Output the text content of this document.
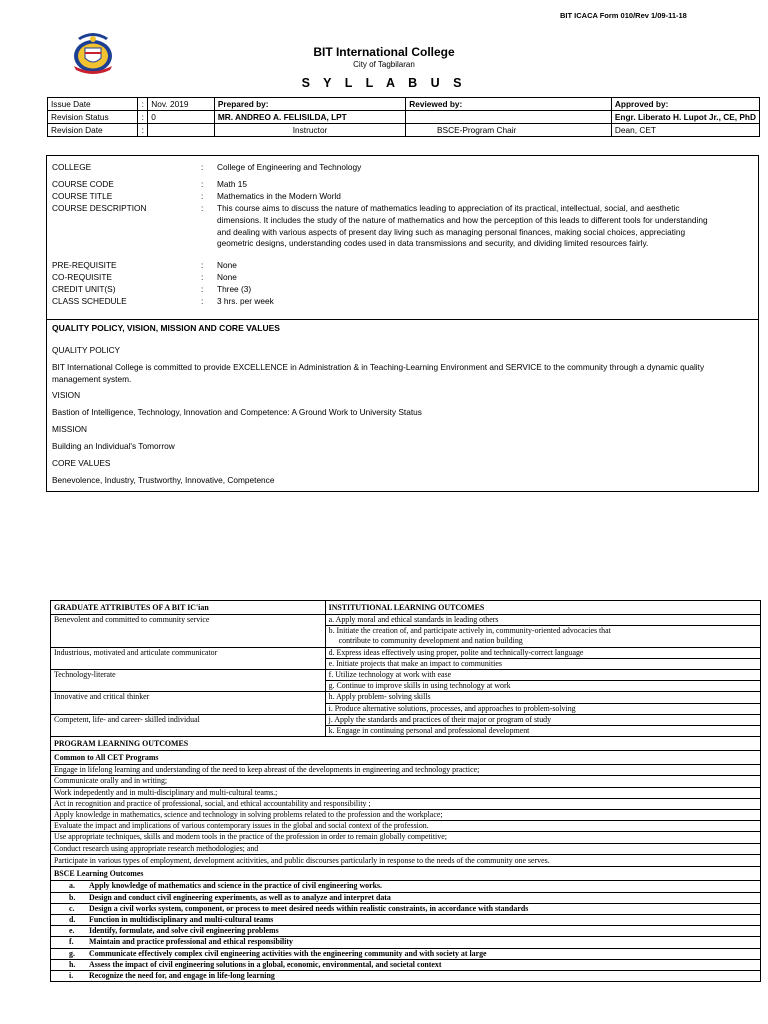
BIT ICACA Form 010/Rev 1/09-11-18
BIT International College
City of Tagbilaran
S Y L L A B U S
Issue Date	:	Nov. 2019	Prepared by:	Reviewed by:		Approved by:
Revision Status	:	0	MR. ANDREO A. FELISILDA, LPT			Engr. Liberato H. Lupot Jr., CE, PhD
Revision Date	:		Instructor	BSCE-Program Chair		Dean, CET
COLLEGE	: College of Engineering and Technology
COURSE CODE	: Math 15
COURSE TITLE	: Mathematics in the Modern World
COURSE DESCRIPTION	: This course aims to discuss the nature of mathematics leading to appreciation of its practical, intellectual, social, and aesthetic dimensions. It includes the study of the nature of mathematics and how the perception of this leads to different tools for understanding and dealing with various aspects of present day living such as managing personal finances, making social choices, appreciating geometric designs, understanding codes used in data transmissions and security, and dividing limited resources fairly.
PRE-REQUISITE	: None
CO-REQUISITE	: None
CREDIT UNIT(S)	: Three (3)
CLASS SCHEDULE	: 3 hrs. per week
QUALITY POLICY, VISION, MISSION AND CORE VALUES
QUALITY POLICY
BIT International College is committed to provide EXCELLENCE in Administration & in Teaching-Learning Environment and SERVICE to the community through a dynamic quality management system.
VISION
Bastion of Intelligence, Technology, Innovation and Competence: A Ground Work to University Status
MISSION
Building an Individual's Tomorrow
CORE VALUES
Benevolence, Industry, Trustworthy, Innovative, Competence
GRADUATE ATTRIBUTES OF A BIT IC'ian	INSTITUTIONAL LEARNING OUTCOMES
Benevolent and committed to community service	a. Apply moral and ethical standards in leading others

	b. Initiate the creation of, and participate actively in, community-oriented advocacies that
contribute to community development and nation building

Industrious, motivated and articulate communicator	d. Express ideas effectively using proper, polite and technically-correct language
	e. Initiate projects that make an impact to communities
Technology-literate	f. Utilize technology at work with ease
	g. Continue to improve skills in using technology at work
Innovative and critical thinker	h. Apply problem- solving skills
	i. Produce alternative solutions, processes, and approaches to problem-solving
Competent, life- and career- skilled individual	j. Apply the standards and practices of their major or program of study
	k. Engage in continuing personal and professional development
PROGRAM LEARNING OUTCOMES	
Common to All CET Programs	
Engage in lifelong learning and understanding of the need to keep abreast of the developments in engineering and technology practice;	
Communicate orally and in writing;	
Work indepedently and in multi-disciplinary and multi-cultural teams.;	
Act in recognition and practice of professional, social, and ethical accountability and responsibility ;	
Apply knowledge in mathematics, science and technology in solving problems related to the profession and the workplace;	
Evaluate the impact and implications of various contemporary issues in the global and social context of the profession.	
Use appropriate techniques, skills and modern tools in the practice of the profession in order to remain globally competitive;	
Conduct research using appropriate research methodologies; and	
Participate in various types of employment, development acitivities, and public discourses particularly in response to the needs of the community one serves.	
BSCE Learning Outcomes	
a. Apply knowledge of mathematics and science in the practice of civil engineering works.	
b. Design and conduct civil engineering experiments, as well as to analyze and interpret data	
c. Design a civil works system, component, or process to meet desired needs within realistic constraints, in accordance with standards	
d. Function in multidisciplinary and multi-cultural teams	
e. Identify, formulate, and solve civil engineering problems	
f. Maintain and practice professional and ethical responsibility	
g. Communicate effectively complex civil engineering activities with the engineering community and with society at large	
h. Assess the impact of civil engineering solutions in a global, economic, environmental, and societal context	
i. Recognize the need for, and engage in life-long learning	
